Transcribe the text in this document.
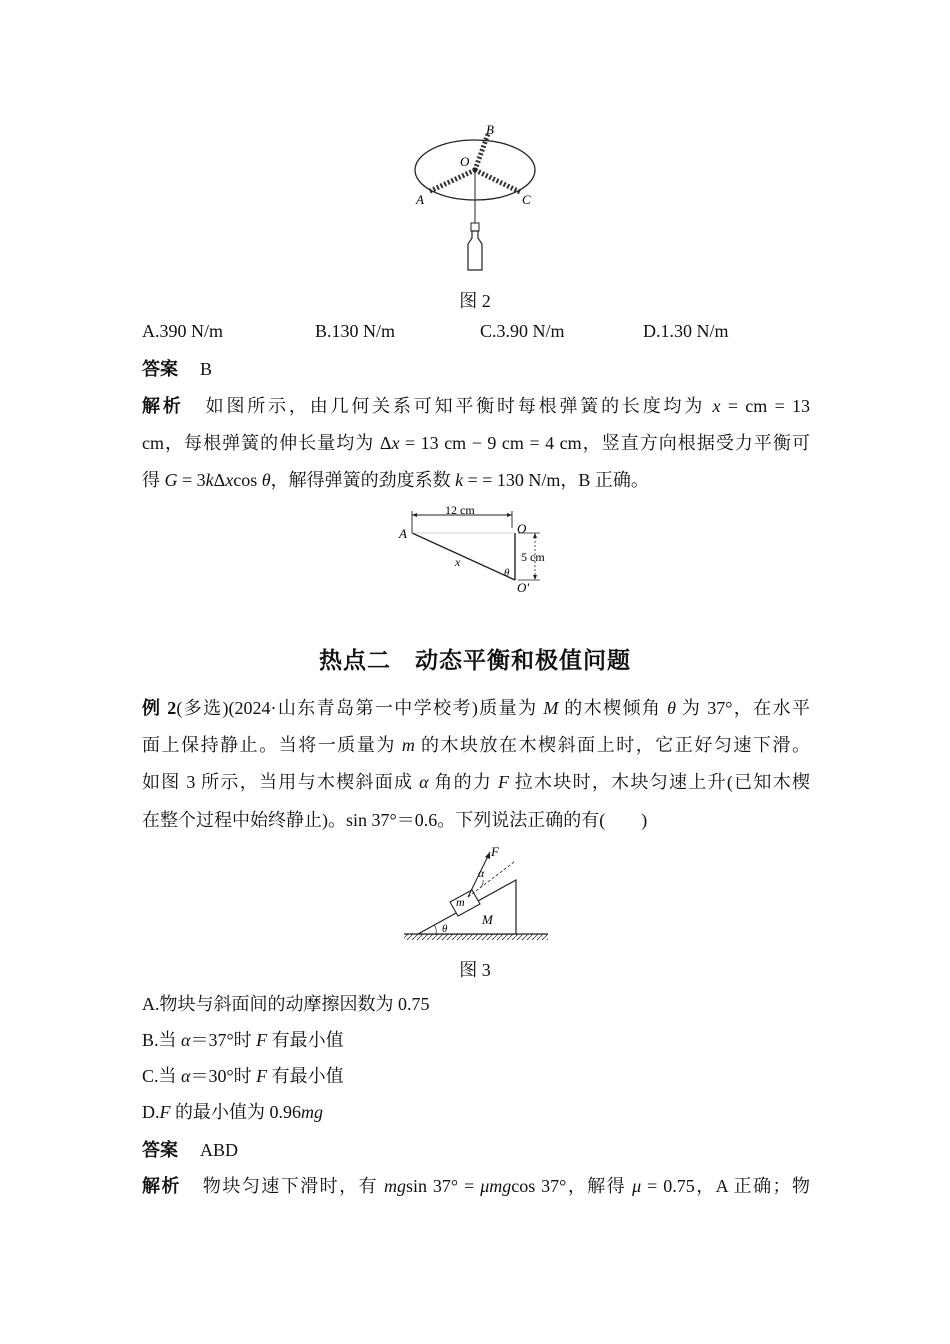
B
O
A	C
图 2
A.390 N/m	B.130 N/m	C.3.90 N/m	D.1.30 N/m
答案 B
解析 如图所示，由几何关系可知平衡时每根弹簧的长度均为 x = cm = 13
cm，每根弹簧的伸长量均为 Δx = 13 cm − 9 cm = 4 cm，竖直方向根据受力平衡可
得 G = 3kΔxcos θ，解得弹簧的劲度系数 k = = 130 N/m，B 正确。
12 cm
5 cm
A	O
O′
x
θ
热点二　动态平衡和极值问题
例 2(多选)(2024·山东青岛第一中学校考)质量为 M 的木楔倾角 θ 为 37°，在水平
面上保持静止。当将一质量为 m 的木块放在木楔斜面上时，它正好匀速下滑。
如图 3 所示，当用与木楔斜面成 α 角的力 F 拉木块时，木块匀速上升(已知木楔
在整个过程中始终静止)。sin 37°＝0.6。下列说法正确的有(　　)
F
α
m
M
θ
图 3
A.物块与斜面间的动摩擦因数为 0.75
B.当 α＝37°时 F 有最小值
C.当 α＝30°时 F 有最小值
D.F 的最小值为 0.96mg
答案 ABD
解析 物块匀速下滑时，有 mgsin 37° = μmgcos 37°，解得 μ = 0.75，A 正确；物
